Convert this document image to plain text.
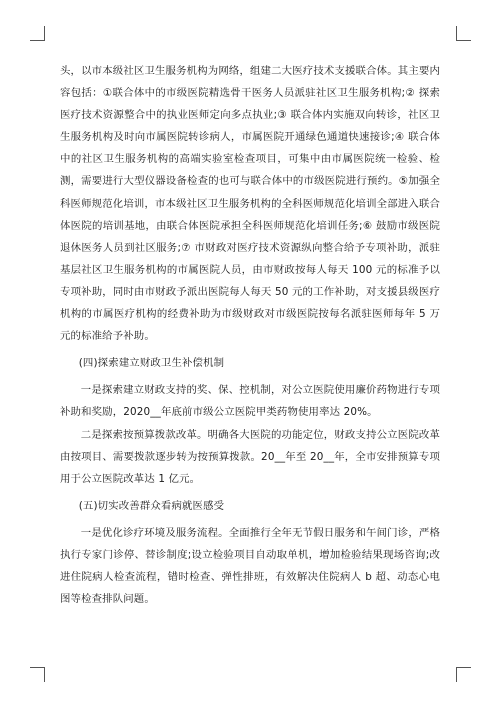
头，以市本级社区卫生服务机构为网络，组建二大医疗技术支援联合体。其主要内容包括：①联合体中的市级医院精选骨干医务人员派驻社区卫生服务机构;② 探索医疗技术资源整合中的执业医师定向多点执业;③ 联合体内实施双向转诊，社区卫生服务机构及时向市属医院转诊病人，市属医院开通绿色通道快速接诊;④ 联合体中的社区卫生服务机构的高端实验室检查项目，可集中由市属医院统一检验、检测，需要进行大型仪器设备检查的也可与联合体中的市级医院进行预约。⑤加强全科医师规范化培训，市本级社区卫生服务机构的全科医师规范化培训全部进入联合体医院的培训基地，由联合体医院承担全科医师规范化培训任务;⑥ 鼓励市级医院退休医务人员到社区服务;⑦ 市财政对医疗技术资源纵向整合给予专项补助，派驻基层社区卫生服务机构的市属医院人员，由市财政按每人每天 100 元的标准予以专项补助，同时由市财政予派出医院每人每天 50 元的工作补助，对支援县级医疗机构的市属医疗机构的经费补助为市级财政对市级医院按每名派驻医师每年 5 万元的标准给予补助。

(四)探索建立财政卫生补偿机制

一是探索建立财政支持的奖、保、控机制，对公立医院使用廉价药物进行专项补助和奖励，2020__年底前市级公立医院甲类药物使用率达 20%。

二是探索按预算拨款改革。明确各大医院的功能定位，财政支持公立医院改革由按项目、需要拨款逐步转为按预算拨款。20__年至 20__年，全市安排预算专项用于公立医院改革达 1 亿元。

(五)切实改善群众看病就医感受

一是优化诊疗环境及服务流程。全面推行全年无节假日服务和午间门诊，严格执行专家门诊停、替诊制度;设立检验项目自动取单机，增加检验结果现场咨询;改进住院病人检查流程，错时检查、弹性排班，有效解决住院病人 b 超、动态心电图等检查排队问题。
